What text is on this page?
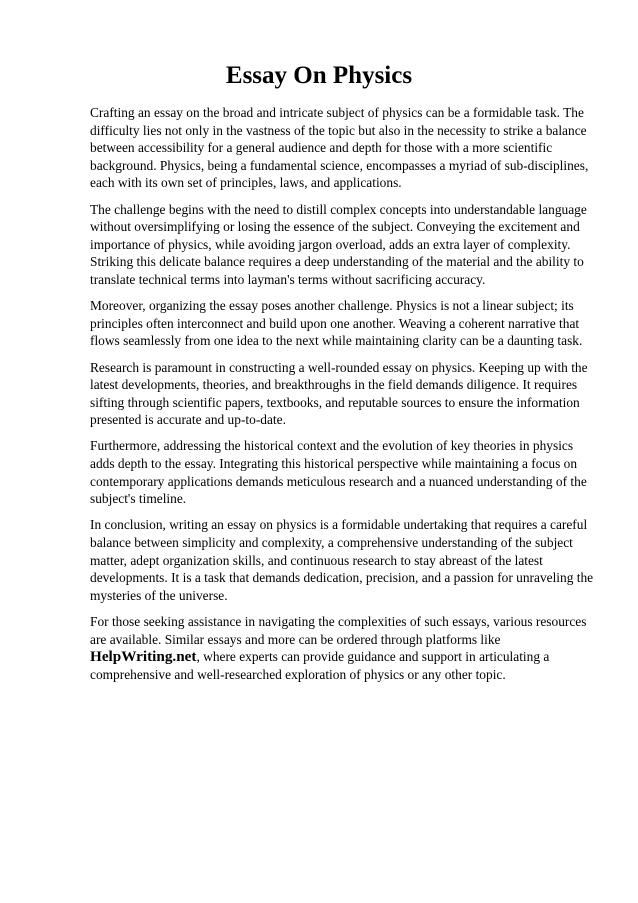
Essay On Physics

Crafting an essay on the broad and intricate subject of physics can be a formidable task. The difficulty lies not only in the vastness of the topic but also in the necessity to strike a balance between accessibility for a general audience and depth for those with a more scientific background. Physics, being a fundamental science, encompasses a myriad of sub-disciplines, each with its own set of principles, laws, and applications.

The challenge begins with the need to distill complex concepts into understandable language without oversimplifying or losing the essence of the subject. Conveying the excitement and importance of physics, while avoiding jargon overload, adds an extra layer of complexity. Striking this delicate balance requires a deep understanding of the material and the ability to translate technical terms into layman's terms without sacrificing accuracy.

Moreover, organizing the essay poses another challenge. Physics is not a linear subject; its principles often interconnect and build upon one another. Weaving a coherent narrative that flows seamlessly from one idea to the next while maintaining clarity can be a daunting task.

Research is paramount in constructing a well-rounded essay on physics. Keeping up with the latest developments, theories, and breakthroughs in the field demands diligence. It requires sifting through scientific papers, textbooks, and reputable sources to ensure the information presented is accurate and up-to-date.

Furthermore, addressing the historical context and the evolution of key theories in physics adds depth to the essay. Integrating this historical perspective while maintaining a focus on contemporary applications demands meticulous research and a nuanced understanding of the subject's timeline.

In conclusion, writing an essay on physics is a formidable undertaking that requires a careful balance between simplicity and complexity, a comprehensive understanding of the subject matter, adept organization skills, and continuous research to stay abreast of the latest developments. It is a task that demands dedication, precision, and a passion for unraveling the mysteries of the universe.

For those seeking assistance in navigating the complexities of such essays, various resources are available. Similar essays and more can be ordered through platforms like HelpWriting.net, where experts can provide guidance and support in articulating a comprehensive and well-researched exploration of physics or any other topic.
